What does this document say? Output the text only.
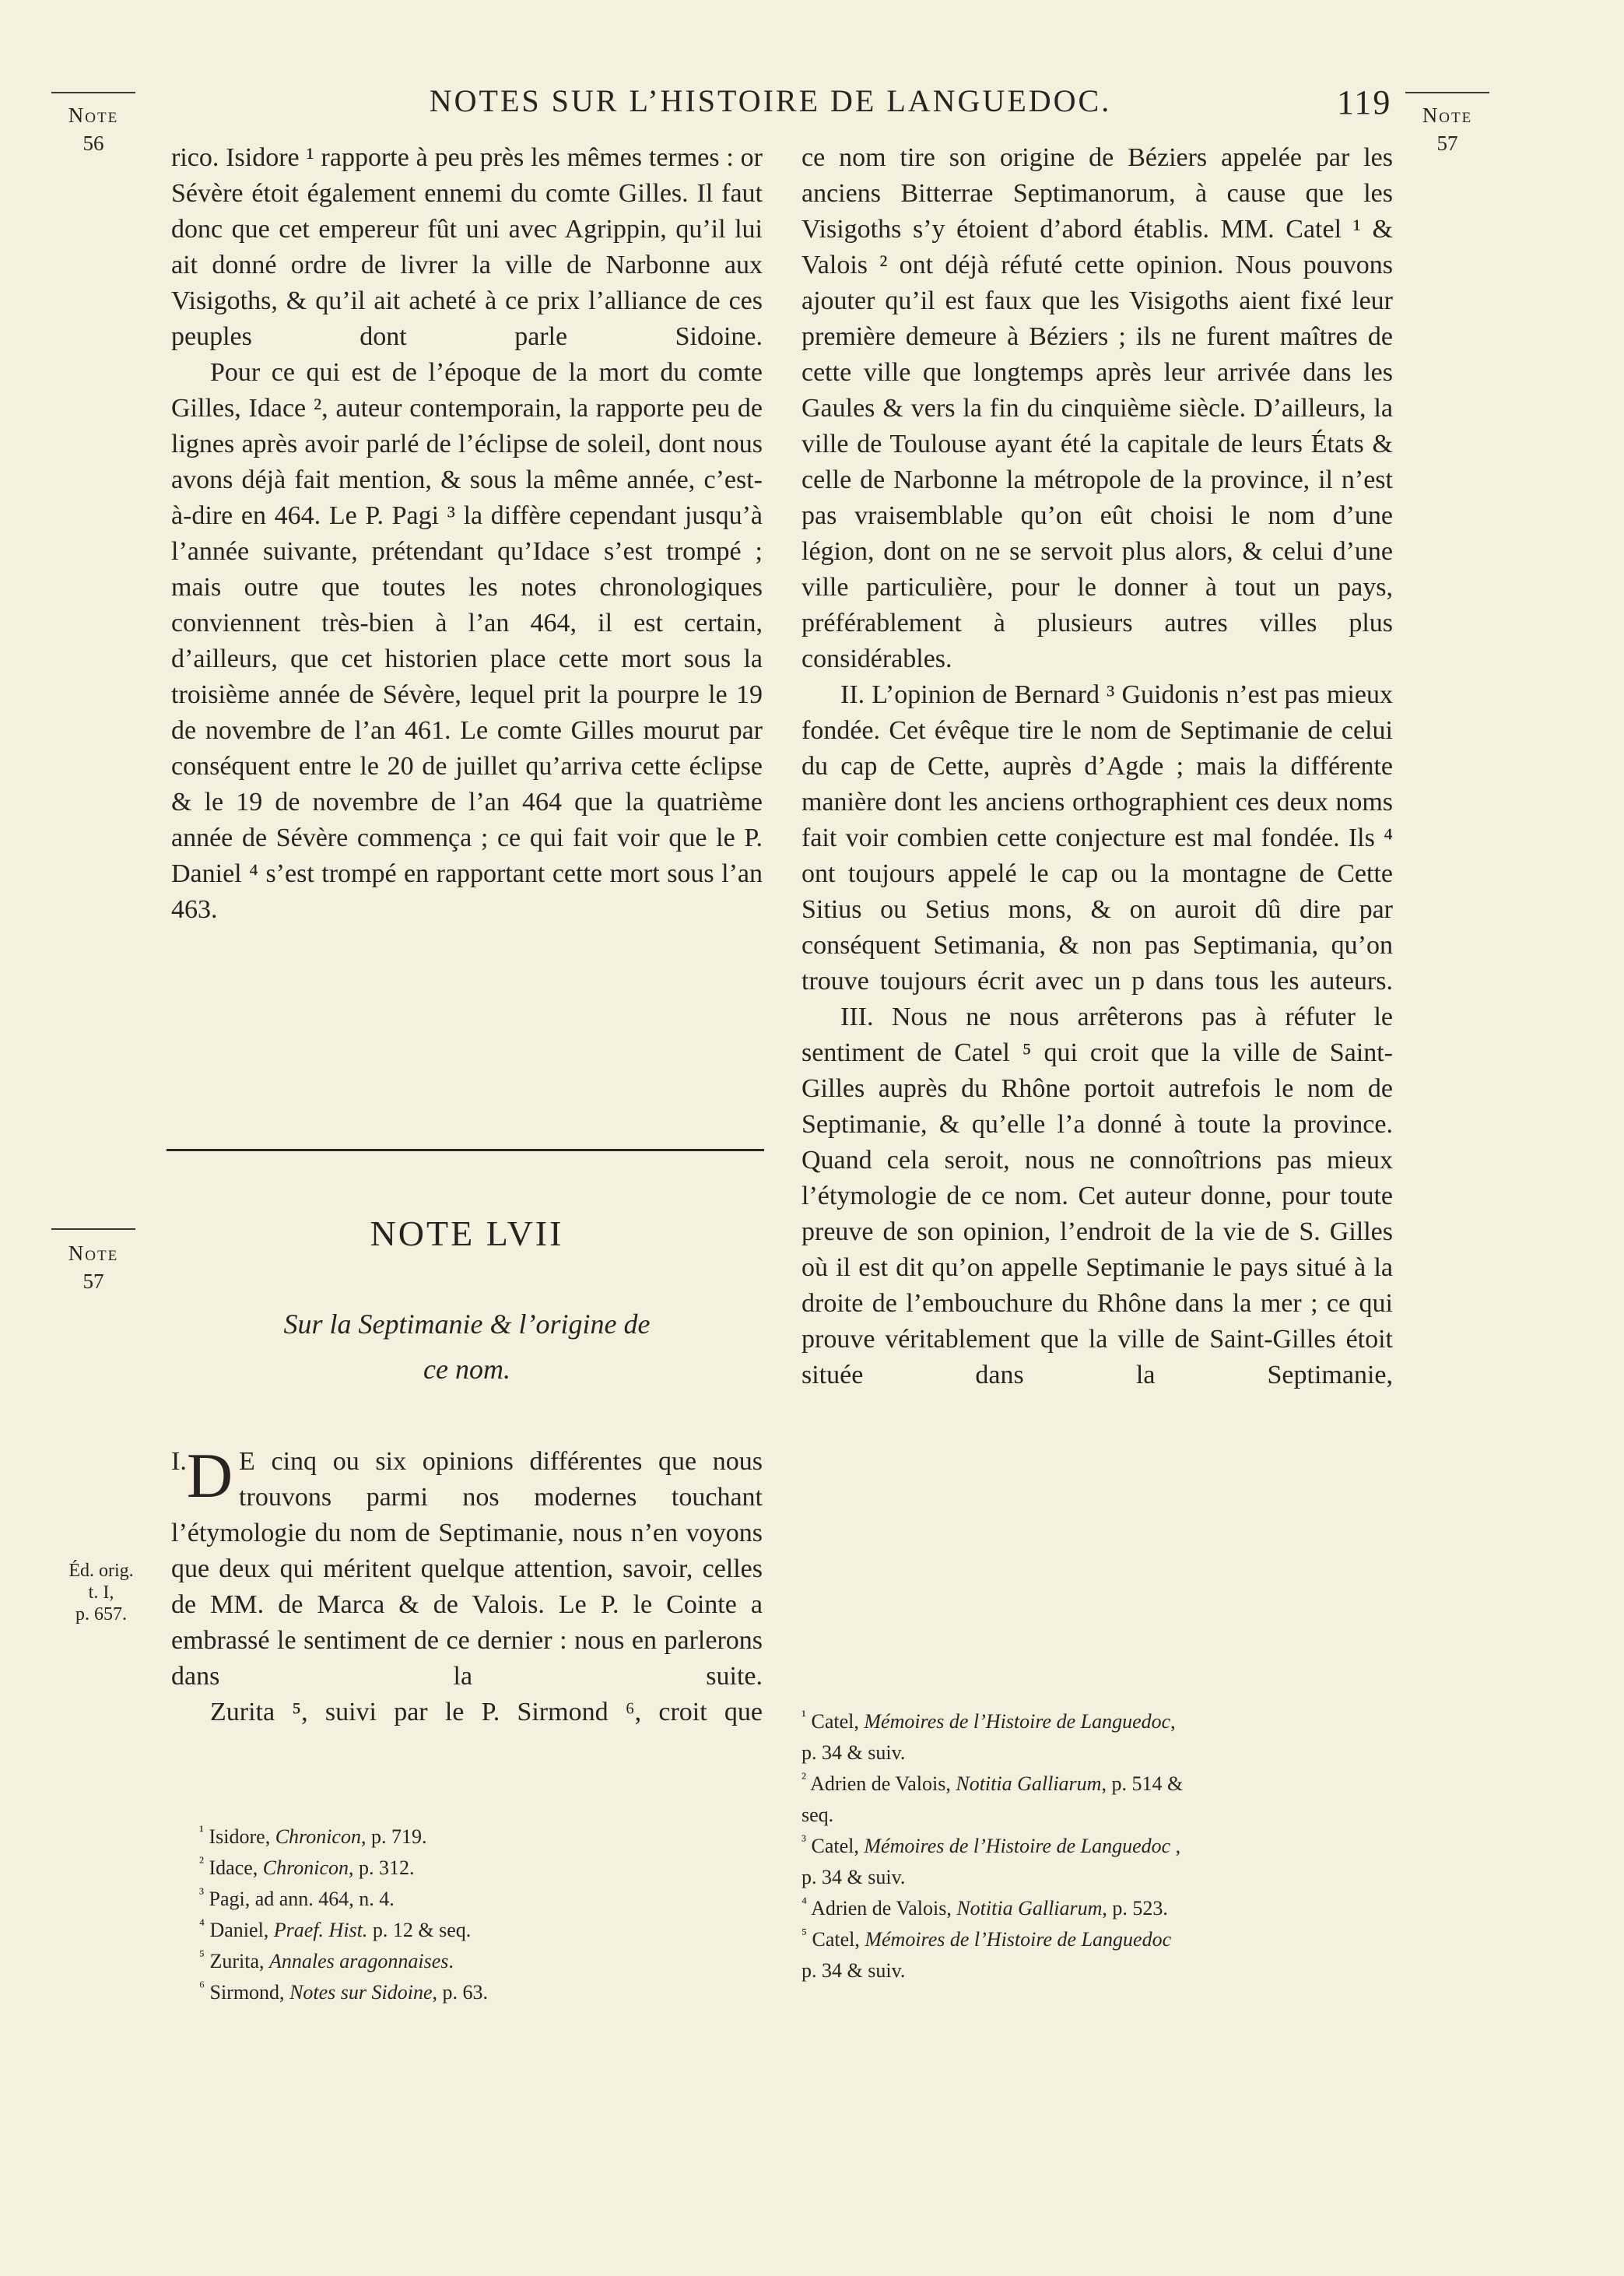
NOTES SUR L’HISTOIRE DE LANGUEDOC.	119
Note
56
Note
57
Note
57
Éd. orig.
t. I,
p. 657.

rico. Isidore ¹ rapporte à peu près les mêmes termes : or Sévère étoit également ennemi du comte Gilles. Il faut donc que cet empereur fût uni avec Agrippin, qu’il lui ait donné ordre de livrer la ville de Narbonne aux Visigoths, & qu’il ait acheté à ce prix l’alliance de ces peuples dont parle Sidoine.

Pour ce qui est de l’époque de la mort du comte Gilles, Idace ², auteur contemporain, la rapporte peu de lignes après avoir parlé de l’éclipse de soleil, dont nous avons déjà fait mention, & sous la même année, c’est-à-dire en 464. Le P. Pagi ³ la diffère cependant jusqu’à l’année suivante, prétendant qu’Idace s’est trompé ; mais outre que toutes les notes chronologiques conviennent très-bien à l’an 464, il est certain, d’ailleurs, que cet historien place cette mort sous la troisième année de Sévère, lequel prit la pourpre le 19 de novembre de l’an 461. Le comte Gilles mourut par conséquent entre le 20 de juillet qu’arriva cette éclipse & le 19 de novembre de l’an 464 que la quatrième année de Sévère commença ; ce qui fait voir que le P. Daniel ⁴ s’est trompé en rapportant cette mort sous l’an 463.

NOTE LVII
Sur la Septimanie & l’origine de
ce nom.

I. D E cinq ou six opinions différentes que nous trouvons parmi nos modernes touchant l’étymologie du nom de Septimanie, nous n’en voyons que deux qui méritent quelque attention, savoir, celles de MM. de Marca & de Valois. Le P. le Cointe a embrassé le sentiment de ce dernier : nous en parlerons dans la suite.

Zurita ⁵, suivi par le P. Sirmond ⁶, croit que

ce nom tire son origine de Béziers appelée par les anciens Bitterrae Septimanorum, à cause que les Visigoths s’y étoient d’abord établis. MM. Catel ¹ & Valois ² ont déjà réfuté cette opinion. Nous pouvons ajouter qu’il est faux que les Visigoths aient fixé leur première demeure à Béziers ; ils ne furent maîtres de cette ville que longtemps après leur arrivée dans les Gaules & vers la fin du cinquième siècle. D’ailleurs, la ville de Toulouse ayant été la capitale de leurs États & celle de Narbonne la métropole de la province, il n’est pas vraisemblable qu’on eût choisi le nom d’une légion, dont on ne se servoit plus alors, & celui d’une ville particulière, pour le donner à tout un pays, préférablement à plusieurs autres villes plus considérables.

II. L’opinion de Bernard ³ Guidonis n’est pas mieux fondée. Cet évêque tire le nom de Septimanie de celui du cap de Cette, auprès d’Agde ; mais la différente manière dont les anciens orthographient ces deux noms fait voir combien cette conjecture est mal fondée. Ils ⁴ ont toujours appelé le cap ou la montagne de Cette Sitius ou Setius mons, & on auroit dû dire par conséquent Setimania, & non pas Septimania, qu’on trouve toujours écrit avec un p dans tous les auteurs.

III. Nous ne nous arrêterons pas à réfuter le sentiment de Catel ⁵ qui croit que la ville de Saint-Gilles auprès du Rhône portoit autrefois le nom de Septimanie, & qu’elle l’a donné à toute la province. Quand cela seroit, nous ne connoîtrions pas mieux l’étymologie de ce nom. Cet auteur donne, pour toute preuve de son opinion, l’endroit de la vie de S. Gilles où il est dit qu’on appelle Septimanie le pays situé à la droite de l’embouchure du Rhône dans la mer ; ce qui prouve véritablement que la ville de Saint-Gilles étoit située dans la Septimanie,

$^{^1}$ Isidore, Chronicon, p. 719.
$^{^2}$ Idace, Chronicon, p. 312.
$^{^3}$ Pagi, ad ann. 464, n. 4.
$^{^4}$ Daniel, Praef. Hist. p. 12 & seq.
$^{^5}$ Zurita, Annales aragonnaises.
$^{^6}$ Sirmond, Notes sur Sidoine, p. 63.
$^{^1}$ Catel, Mémoires de l’Histoire de Languedoc,
p. 34 & suiv.
$^{^2}$ Adrien de Valois, Notitia Galliarum, p. 514 &
seq.
$^{^3}$ Catel, Mémoires de l’Histoire de Languedoc ,
p. 34 & suiv.
$^{^4}$ Adrien de Valois, Notitia Galliarum, p. 523.
$^{^5}$ Catel, Mémoires de l’Histoire de Languedoc
p. 34 & suiv.
